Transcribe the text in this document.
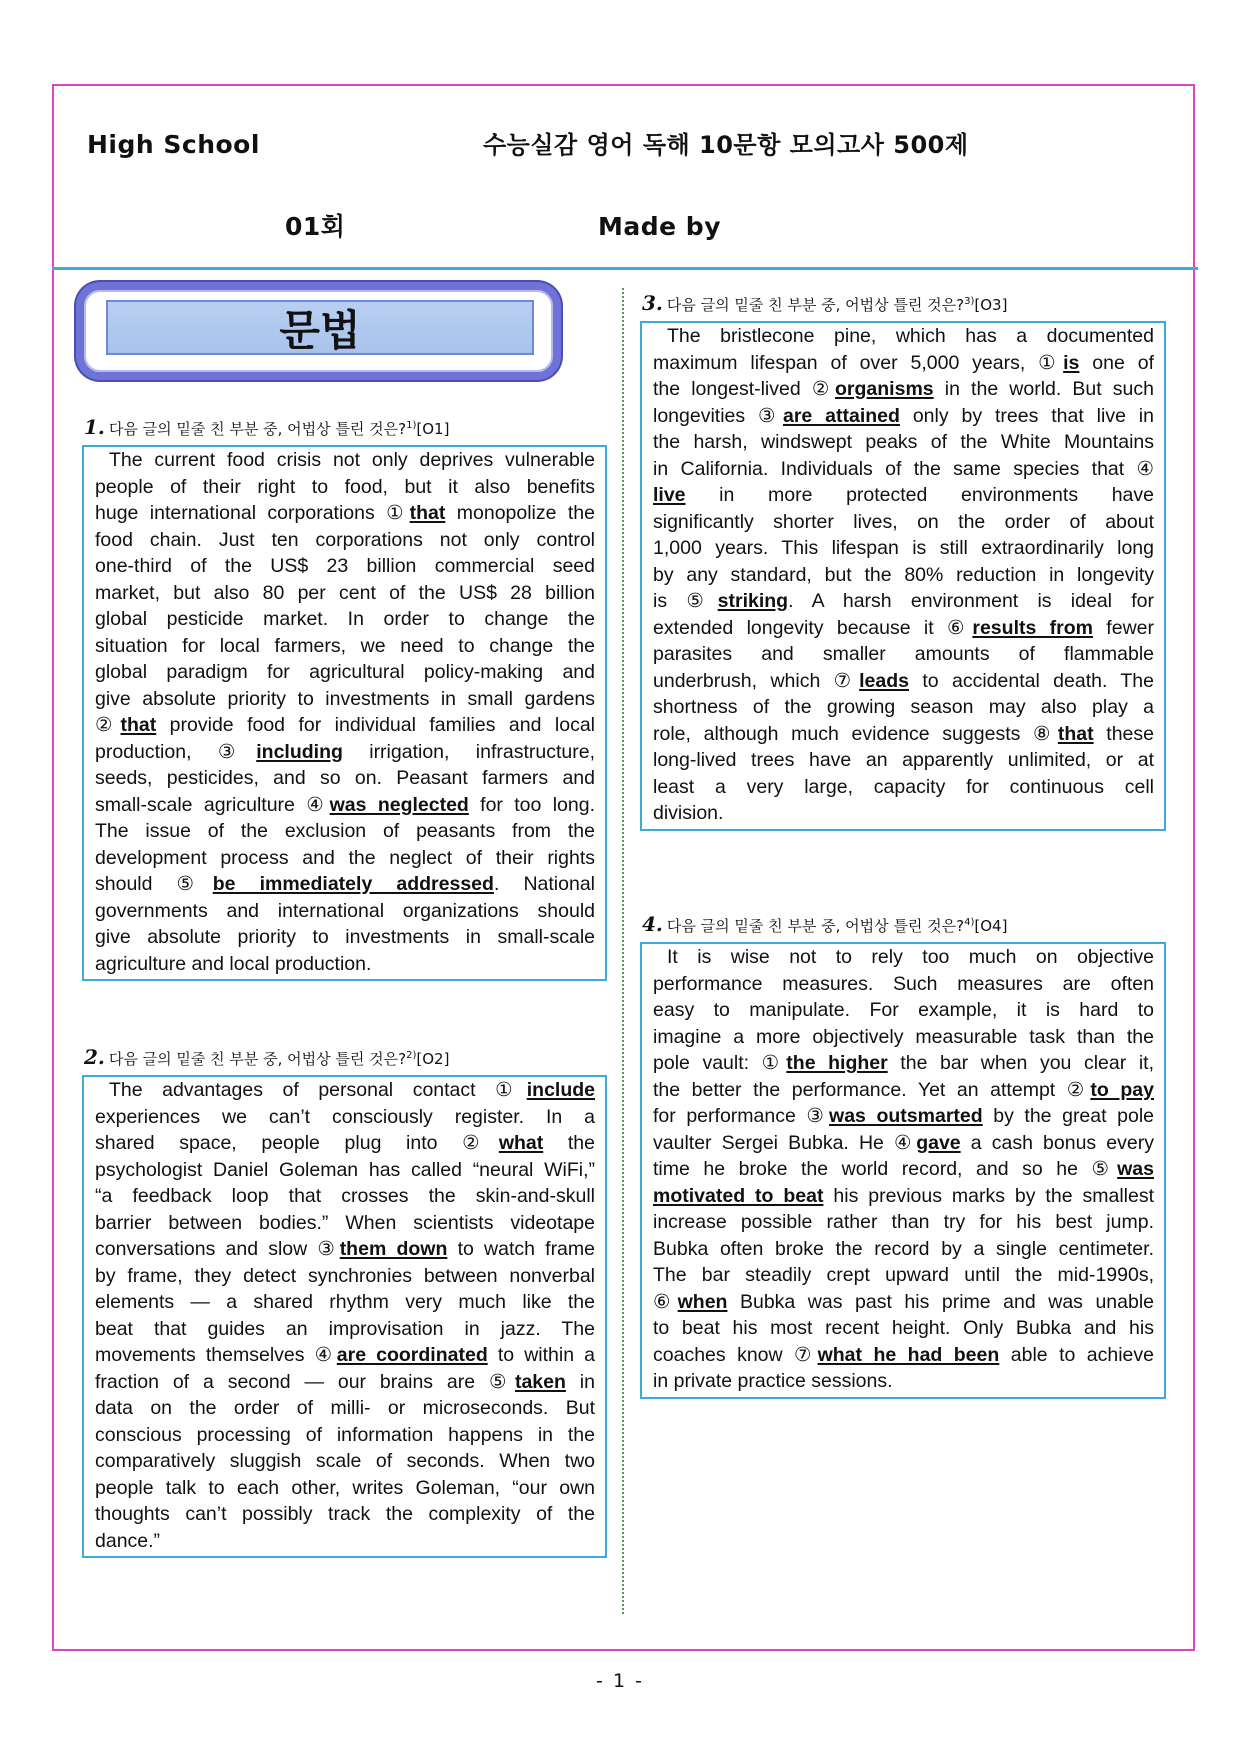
High School	수능실감 영어 독해 10문항 모의고사 500제
01회	Made by
문법
1. 다음 글의 밑줄 친 부분 중, 어법상 틀린 것은?$^{1)}$[O1]
The current food crisis not only deprives vulnerable
people of their right to food, but it also benefits
huge international corporations ①that monopolize the
food chain. Just ten corporations not only control
one-third of the US$ 23 billion commercial seed
market, but also 80 per cent of the US$ 28 billion
global pesticide market. In order to change the
situation for local farmers, we need to change the
global paradigm for agricultural policy-making and
give absolute priority to investments in small gardens
②that provide food for individual families and local
production, ③including irrigation, infrastructure,
seeds, pesticides, and so on. Peasant farmers and
small-scale agriculture ④was neglected for too long.
The issue of the exclusion of peasants from the
development process and the neglect of their rights
should ⑤be immediately addressed. National
governments and international organizations should
give absolute priority to investments in small-scale
agriculture and local production.
2. 다음 글의 밑줄 친 부분 중, 어법상 틀린 것은?$^{2)}$[O2]
The advantages of personal contact ①include
experiences we can’t consciously register. In a
shared space, people plug into ②what the
psychologist Daniel Goleman has called “neural WiFi,”
“a feedback loop that crosses the skin-and-skull
barrier between bodies.” When scientists videotape
conversations and slow ③them down to watch frame
by frame, they detect synchronies between nonverbal
elements — a shared rhythm very much like the
beat that guides an improvisation in jazz. The
movements themselves ④are coordinated to within a
fraction of a second — our brains are ⑤taken in
data on the order of milli- or microseconds. But
conscious processing of information happens in the
comparatively sluggish scale of seconds. When two
people talk to each other, writes Goleman, “our own
thoughts can’t possibly track the complexity of the
dance.”
3. 다음 글의 밑줄 친 부분 중, 어법상 틀린 것은?$^{3)}$[O3]
The bristlecone pine, which has a documented
maximum lifespan of over 5,000 years, ①is one of
the longest-lived ②organisms in the world. But such
longevities ③are attained only by trees that live in
the harsh, windswept peaks of the White Mountains
in California. Individuals of the same species that ④
live in more protected environments have
significantly shorter lives, on the order of about
1,000 years. This lifespan is still extraordinarily long
by any standard, but the 80% reduction in longevity
is ⑤striking. A harsh environment is ideal for
extended longevity because it ⑥results from fewer
parasites and smaller amounts of flammable
underbrush, which ⑦leads to accidental death. The
shortness of the growing season may also play a
role, although much evidence suggests ⑧that these
long-lived trees have an apparently unlimited, or at
least a very large, capacity for continuous cell
division.
4. 다음 글의 밑줄 친 부분 중, 어법상 틀린 것은?$^{4)}$[O4]
It is wise not to rely too much on objective
performance measures. Such measures are often
easy to manipulate. For example, it is hard to
imagine a more objectively measurable task than the
pole vault: ①the higher the bar when you clear it,
the better the performance. Yet an attempt ②to pay
for performance ③was outsmarted by the great pole
vaulter Sergei Bubka. He ④gave a cash bonus every
time he broke the world record, and so he ⑤was
motivated to beat his previous marks by the smallest
increase possible rather than try for his best jump.
Bubka often broke the record by a single centimeter.
The bar steadily crept upward until the mid-1990s,
⑥when Bubka was past his prime and was unable
to beat his most recent height. Only Bubka and his
coaches know ⑦what he had been able to achieve
in private practice sessions.
- 1 -
